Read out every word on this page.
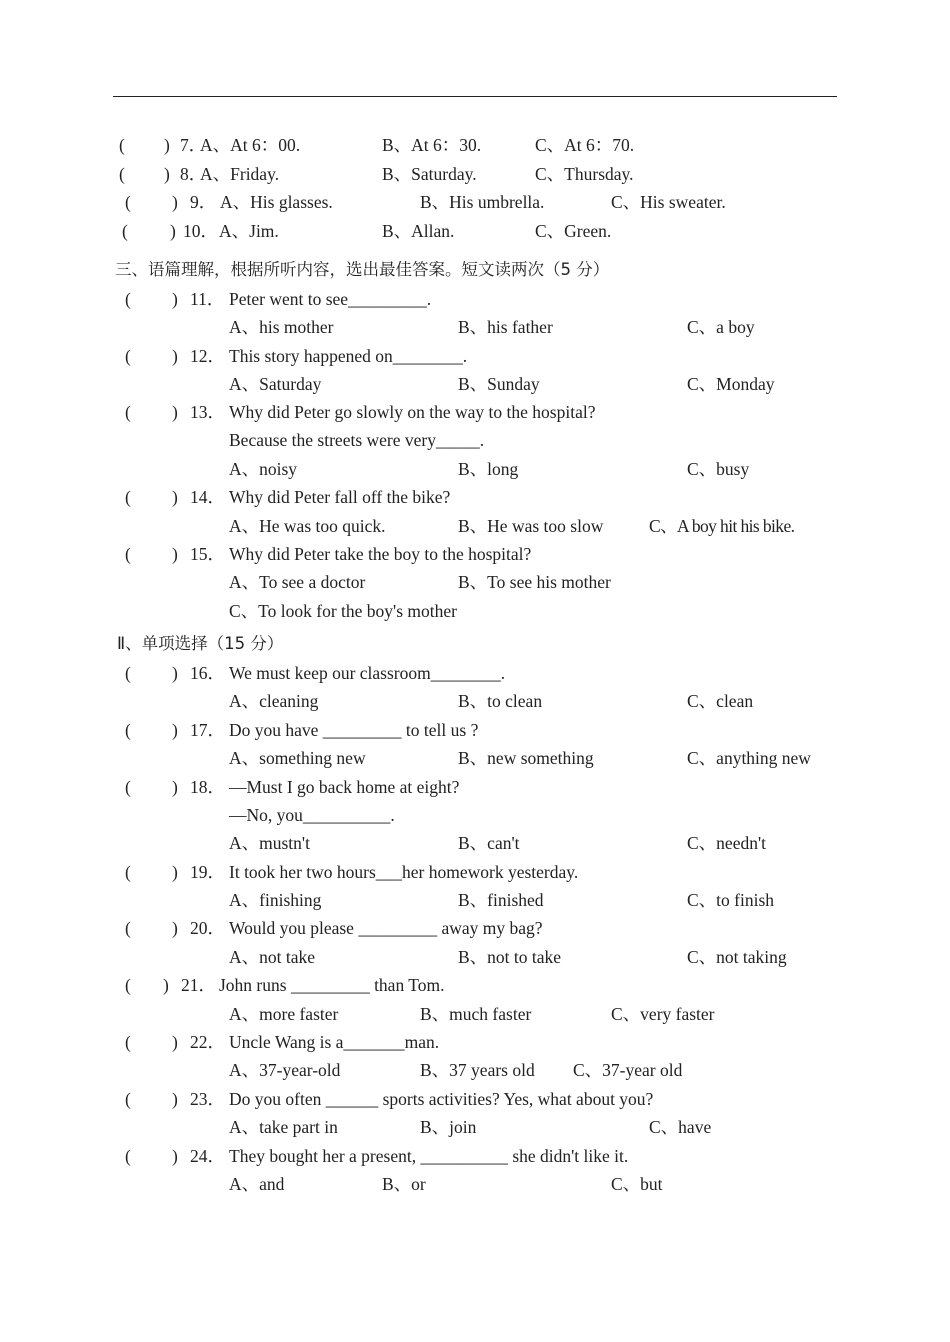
( ) 7．
A、At 6：00.	B、At 6：30.	C、At 6：70.
( ) 8．
A、Friday.	B、Saturday.	C、Thursday.
( ) 9． A、His glasses.	B、His umbrella.	C、His sweater.
( ) 10． A、Jim.	B、Allan.	C、Green.
三、语篇理解，根据所听内容，选出最佳答案。短文读两次（5 分）
( ) 11． Peter went to see_________.
A、his mother	B、his father	C、a boy
( ) 12． This story happened on________.
A、Saturday	B、Sunday	C、Monday
( ) 13． Why did Peter go slowly on the way to the hospital?
Because the streets were very_____.
A、noisy	B、long	C、busy
( ) 14． Why did Peter fall off the bike?
A、He was too quick.	B、He was too slow	C、A boy hit his bike.
( ) 15． Why did Peter take the boy to the hospital?
A、To see a doctor	B、To see his mother
C、To look for the boy's mother
Ⅱ、单项选择（15 分）
( ) 16． We must keep our classroom________.
A、cleaning	B、to clean	C、clean
( ) 17． Do you have _________ to tell us ?
A、something new	B、new something	C、anything new
( ) 18． —Must I go back home at eight?
—No, you__________.
A、mustn't	B、can't	C、needn't
( ) 19． It took her two hours___her homework yesterday.
A、finishing	B、finished	C、to finish
( ) 20． Would you please _________ away my bag?
A、not take	B、not to take	C、not taking
( ) 21． John runs _________ than Tom.
A、more faster	B、much faster	C、very faster
( ) 22． Uncle Wang is a_______man.
A、37-year-old	B、37 years old C、37-year old
( ) 23． Do you often ______ sports activities? Yes, what about you?
A、take part in	B、join	C、have
( ) 24． They bought her a present, __________ she didn't like it.
A、and	B、or	C、but
